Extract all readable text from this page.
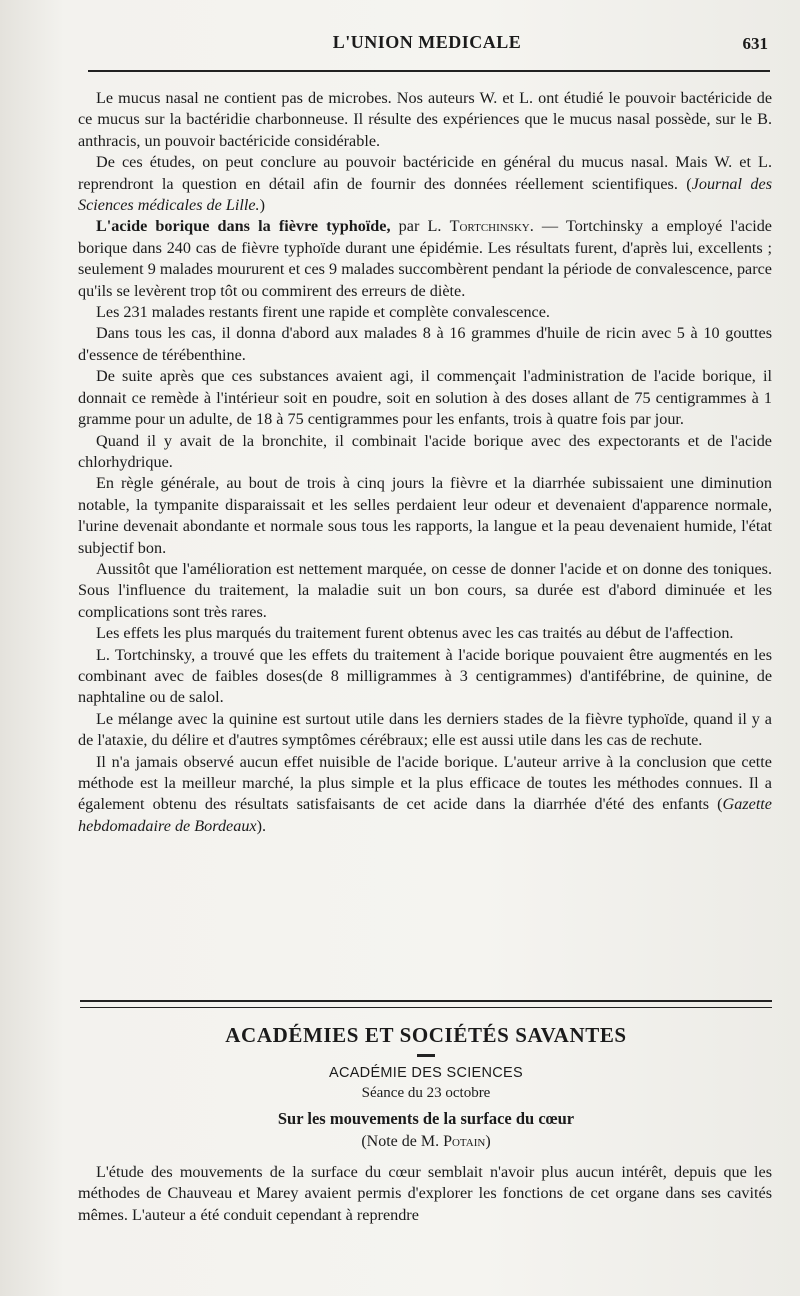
L'UNION MEDICALE	631

Le mucus nasal ne contient pas de microbes. Nos auteurs W. et L. ont étudié le pouvoir bactéricide de ce mucus sur la bactéridie charbonneuse. Il résulte des expériences que le mucus nasal possède, sur le B. anthracis, un pouvoir bactéricide considérable.

De ces études, on peut conclure au pouvoir bactéricide en général du mucus nasal. Mais W. et L. reprendront la question en détail afin de fournir des données réellement scientifiques. (Journal des Sciences médicales de Lille.)

L'acide borique dans la fièvre typhoïde, par L. Tortchinsky. — Tortchinsky a employé l'acide borique dans 240 cas de fièvre typhoïde durant une épidémie. Les résultats furent, d'après lui, excellents ; seulement 9 malades moururent et ces 9 malades succombèrent pendant la période de convalescence, parce qu'ils se levèrent trop tôt ou commirent des erreurs de diète.

Les 231 malades restants firent une rapide et complète convalescence.

Dans tous les cas, il donna d'abord aux malades 8 à 16 grammes d'huile de ricin avec 5 à 10 gouttes d'essence de térébenthine.

De suite après que ces substances avaient agi, il commençait l'administration de l'acide borique, il donnait ce remède à l'intérieur soit en poudre, soit en solution à des doses allant de 75 centigrammes à 1 gramme pour un adulte, de 18 à 75 centigrammes pour les enfants, trois à quatre fois par jour.

Quand il y avait de la bronchite, il combinait l'acide borique avec des expectorants et de l'acide chlorhydrique.

En règle générale, au bout de trois à cinq jours la fièvre et la diarrhée subissaient une diminution notable, la tympanite disparaissait et les selles perdaient leur odeur et devenaient d'apparence normale, l'urine devenait abondante et normale sous tous les rapports, la langue et la peau devenaient humide, l'état subjectif bon.

Aussitôt que l'amélioration est nettement marquée, on cesse de donner l'acide et on donne des toniques. Sous l'influence du traitement, la maladie suit un bon cours, sa durée est d'abord diminuée et les complications sont très rares.

Les effets les plus marqués du traitement furent obtenus avec les cas traités au début de l'affection.

L. Tortchinsky, a trouvé que les effets du traitement à l'acide borique pouvaient être augmentés en les combinant avec de faibles doses(de 8 milligrammes à 3 centigrammes) d'antifébrine, de quinine, de naphtaline ou de salol.

Le mélange avec la quinine est surtout utile dans les derniers stades de la fièvre typhoïde, quand il y a de l'ataxie, du délire et d'autres symptômes cérébraux; elle est aussi utile dans les cas de rechute.

Il n'a jamais observé aucun effet nuisible de l'acide borique. L'auteur arrive à la conclusion que cette méthode est la meilleur marché, la plus simple et la plus efficace de toutes les méthodes connues. Il a également obtenu des résultats satisfaisants de cet acide dans la diarrhée d'été des enfants (Gazette hebdomadaire de Bordeaux).

ACADÉMIES ET SOCIÉTÉS SAVANTES
ACADÉMIE DES SCIENCES
Séance du 23 octobre
Sur les mouvements de la surface du cœur
(Note de M. Potain)

L'étude des mouvements de la surface du cœur semblait n'avoir plus aucun intérêt, depuis que les méthodes de Chauveau et Marey avaient permis d'explorer les fonctions de cet organe dans ses cavités mêmes. L'auteur a été conduit cependant à reprendre
